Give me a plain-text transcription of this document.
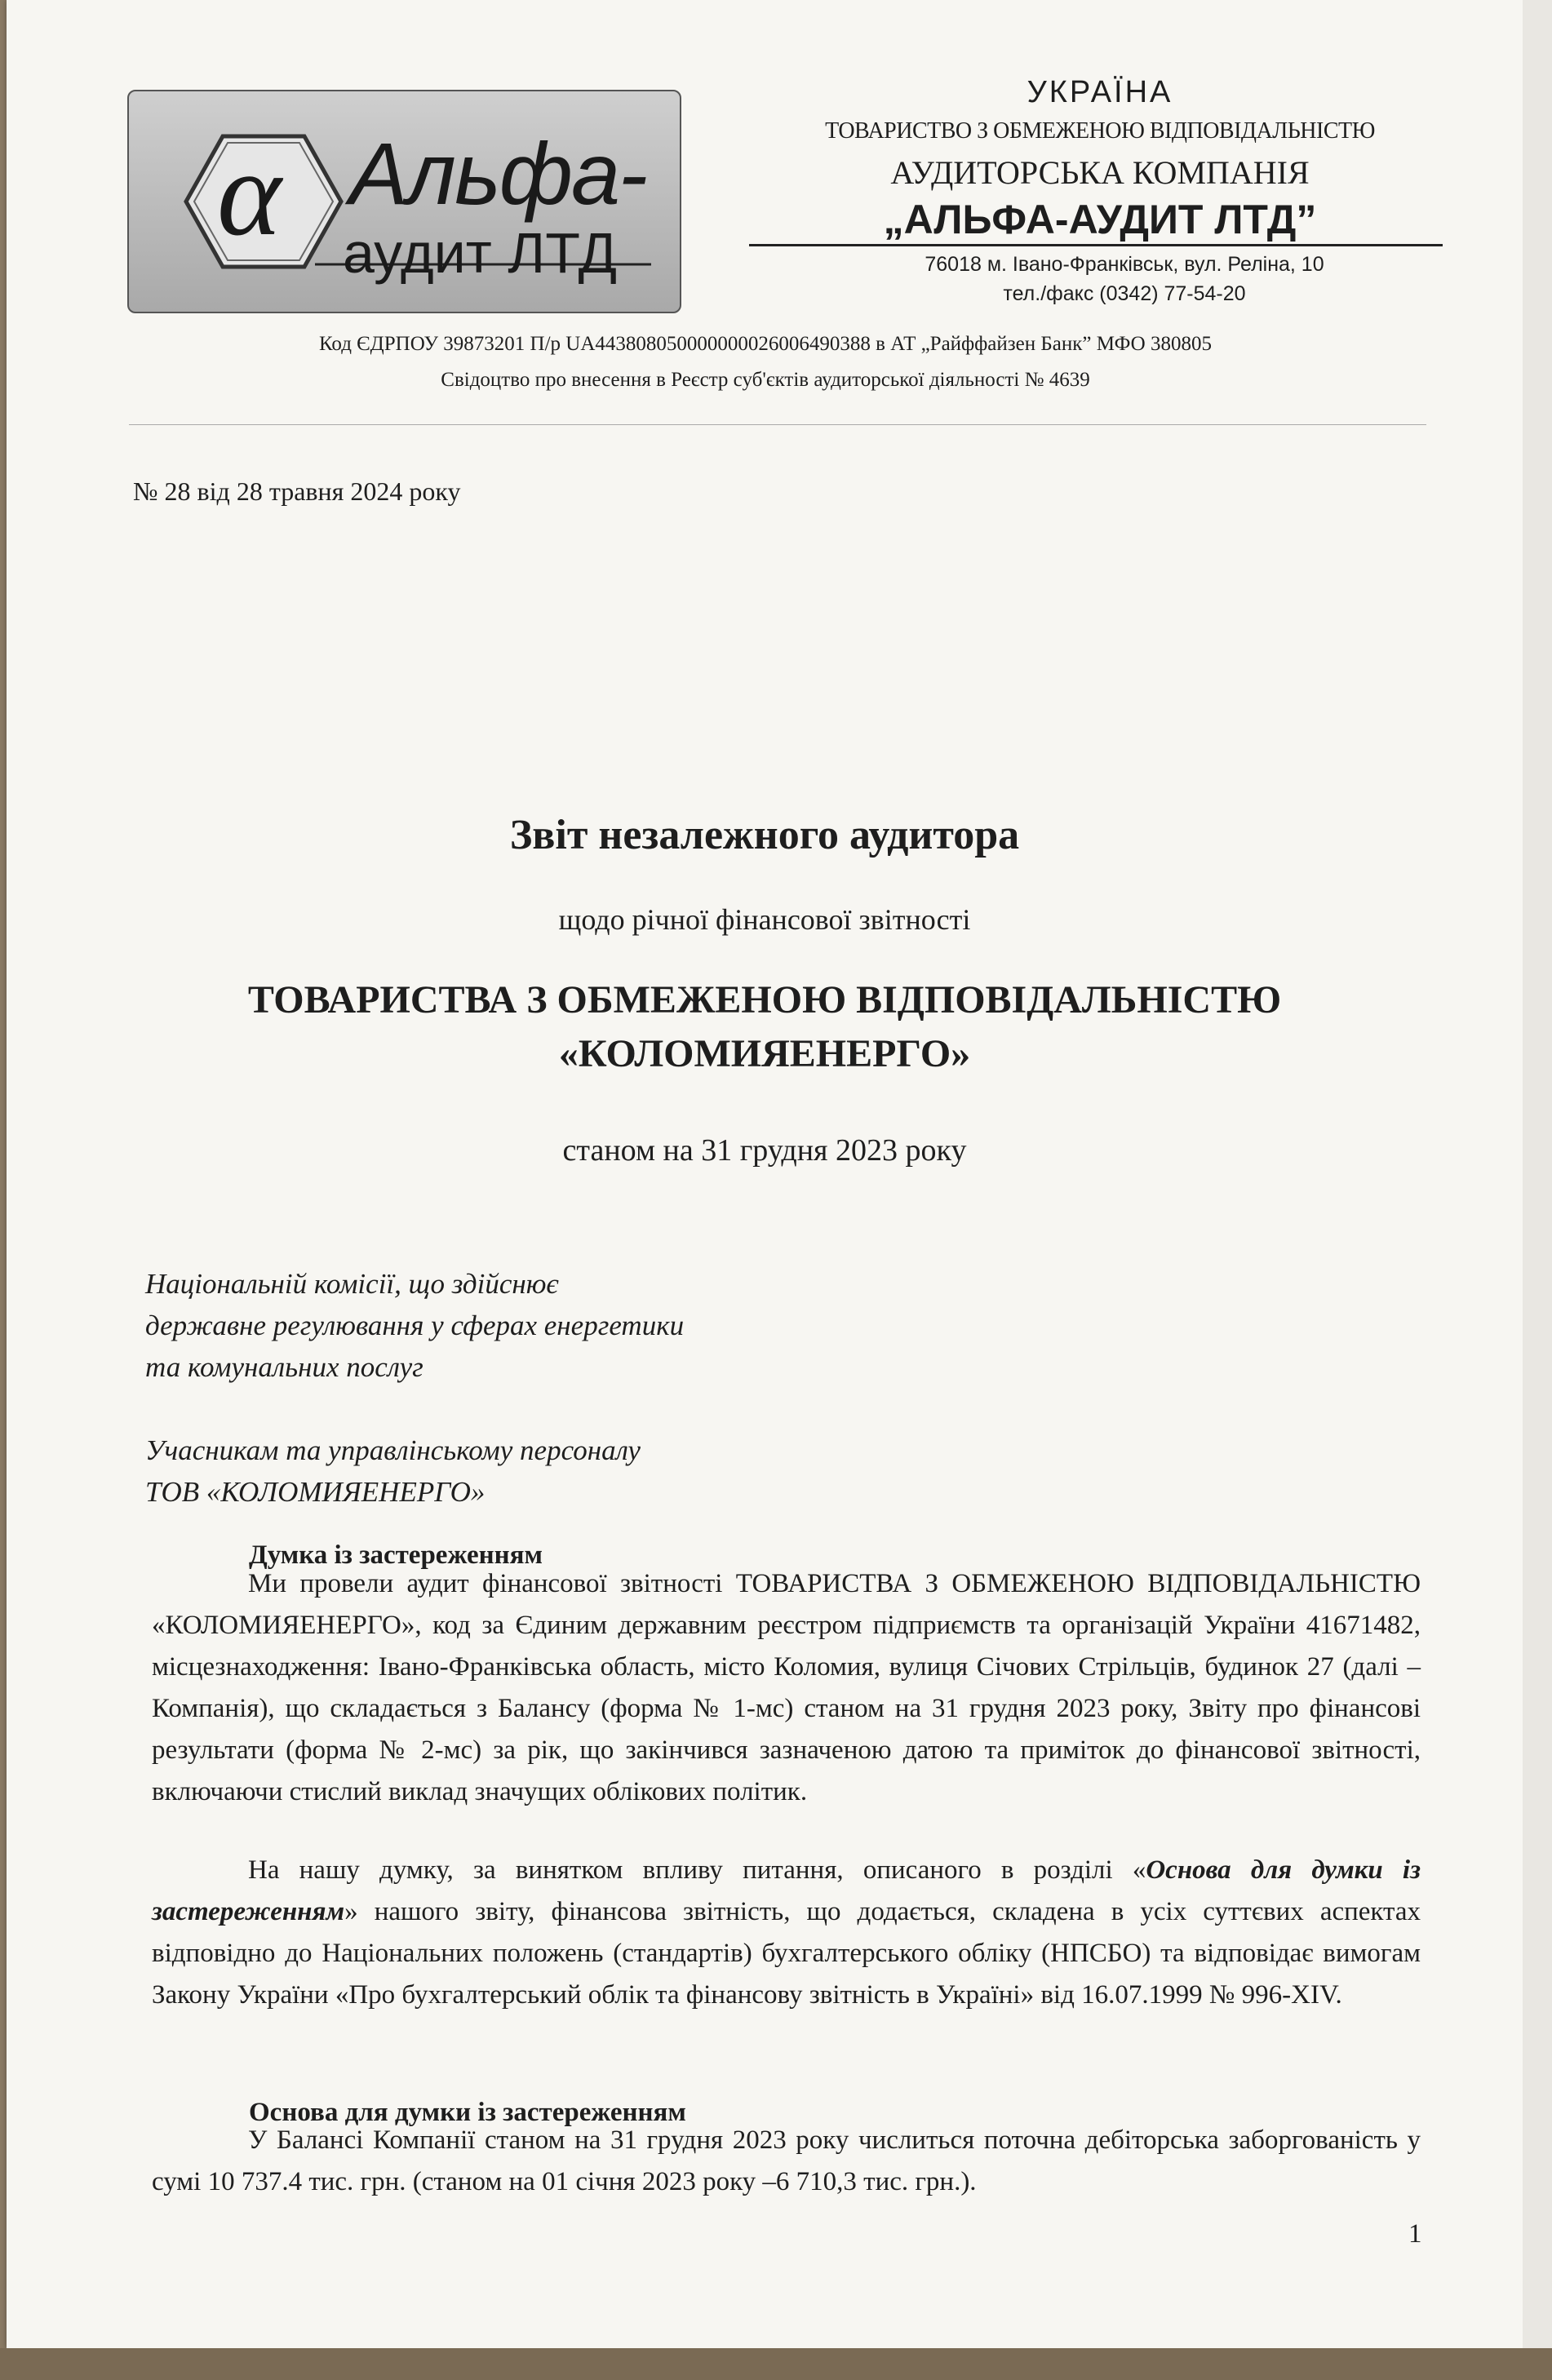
α Альфа-
аудит ЛТД
УКРАЇНА
ТОВАРИСТВО З ОБМЕЖЕНОЮ ВІДПОВІДАЛЬНІСТЮ
АУДИТОРСЬКА КОМПАНІЯ
„АЛЬФА-АУДИТ ЛТД”
76018 м. Івано-Франківськ, вул. Реліна, 10
тел./факс (0342) 77-54-20
Код ЄДРПОУ 39873201 П/р UA443808050000000026006490388 в АТ „Райффайзен Банк” МФО 380805
Свідоцтво про внесення в Реєстр суб'єктів аудиторської діяльності № 4639
№ 28 від 28 травня 2024 року
Звіт незалежного аудитора
щодо річної фінансової звітності
ТОВАРИСТВА З ОБМЕЖЕНОЮ ВІДПОВІДАЛЬНІСТЮ
«КОЛОМИЯЕНЕРГО»
станом на 31 грудня 2023 року
Національній комісії, що здійснює
державне регулювання у сферах енергетики
та комунальних послуг
Учасникам та управлінському персоналу
ТОВ «КОЛОМИЯЕНЕРГО»
Думка із застереженням
Ми провели аудит фінансової звітності ТОВАРИСТВА З ОБМЕЖЕНОЮ ВІДПОВІДАЛЬНІСТЮ «КОЛОМИЯЕНЕРГО», код за Єдиним державним реєстром підприємств та організацій України 41671482, місцезнаходження: Івано-Франківська область, місто Коломия, вулиця Січових Стрільців, будинок 27 (далі – Компанія), що складається з Балансу (форма № 1-мс) станом на 31 грудня 2023 року, Звіту про фінансові результати (форма № 2-мс) за рік, що закінчився зазначеною датою та приміток до фінансової звітності, включаючи стислий виклад значущих облікових політик.
На нашу думку, за винятком впливу питання, описаного в розділі «Основа для думки із застереженням» нашого звіту, фінансова звітність, що додається, складена в усіх суттєвих аспектах відповідно до Національних положень (стандартів) бухгалтерського обліку (НПСБО) та відповідає вимогам Закону України «Про бухгалтерський облік та фінансову звітність в Україні» від 16.07.1999 № 996-XIV.
Основа для думки із застереженням
У Балансі Компанії станом на 31 грудня 2023 року числиться поточна дебіторська заборгованість у сумі 10 737.4 тис. грн. (станом на 01 січня 2023 року –6 710,3 тис. грн.).
1
